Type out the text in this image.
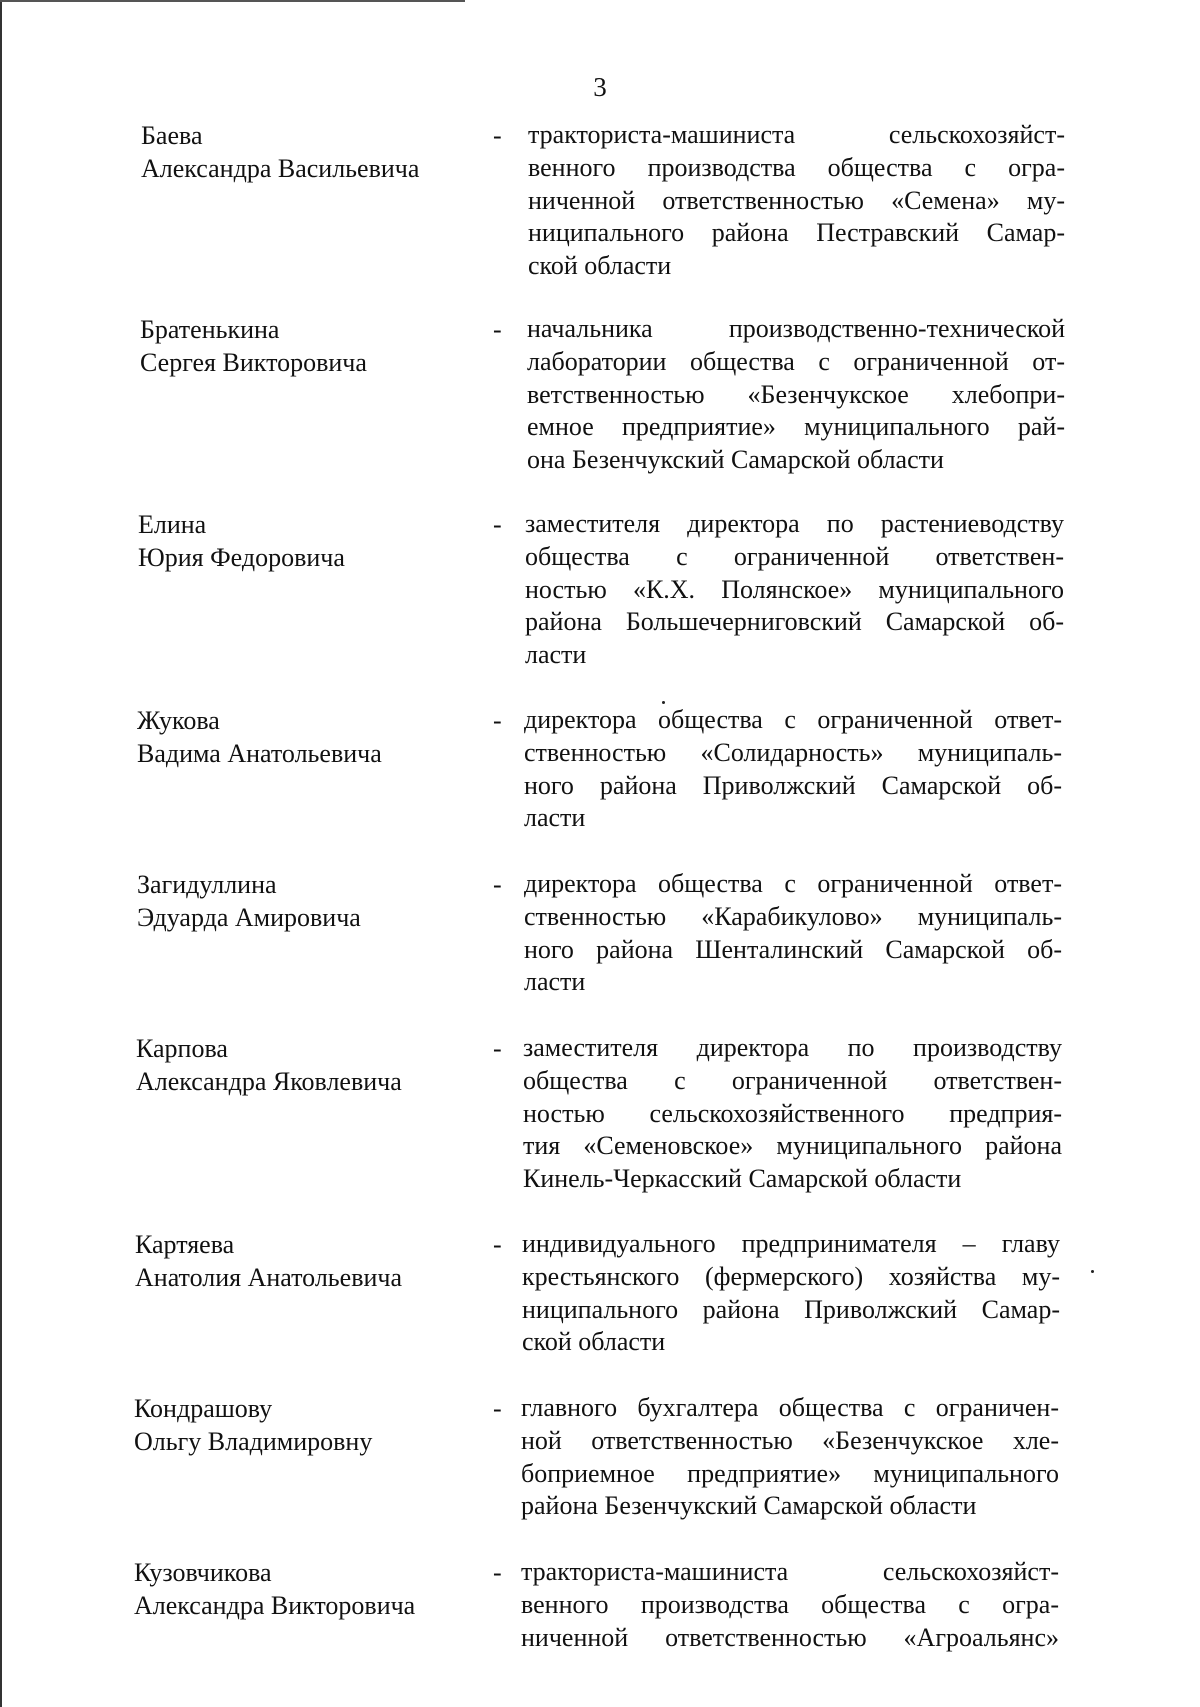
3
Баева
Александра Васильевича
- тракториста-машиниста сельскохозяйст-
венного производства общества с огра-
ниченной ответственностью «Семена» му-
ниципального района Пестравский Самар-
ской области
Братенькина
Сергея Викторовича
- начальника производственно-технической
лаборатории общества с ограниченной от-
ветственностью «Безенчукское хлебопри-
емное предприятие» муниципального рай-
она Безенчукский Самарской области
Елина
Юрия Федоровича
- заместителя директора по растениеводству
общества с ограниченной ответствен-
ностью «К.Х. Полянское» муниципального
района Большечерниговский Самарской об-
ласти
Жукова
Вадима Анатольевича
- директора общества с ограниченной ответ-
ственностью «Солидарность» муниципаль-
ного района Приволжский Самарской об-
ласти
Загидуллина
Эдуарда Амировича
- директора общества с ограниченной ответ-
ственностью «Карабикулово» муниципаль-
ного района Шенталинский Самарской об-
ласти
Карпова
Александра Яковлевича
- заместителя директора по производству
общества с ограниченной ответствен-
ностью сельскохозяйственного предприя-
тия «Семеновское» муниципального района
Кинель-Черкасский Самарской области
Картяева
Анатолия Анатольевича
- индивидуального предпринимателя – главу
крестьянского (фермерского) хозяйства му-
ниципального района Приволжский Самар-
ской области
Кондрашову
Ольгу Владимировну
- главного бухгалтера общества с ограничен-
ной ответственностью «Безенчукское хле-
боприемное предприятие» муниципального
района Безенчукский Самарской области
Кузовчикова
Александра Викторовича
- тракториста-машиниста сельскохозяйст-
венного производства общества с огра-
ниченной ответственностью «Агроальянс»
